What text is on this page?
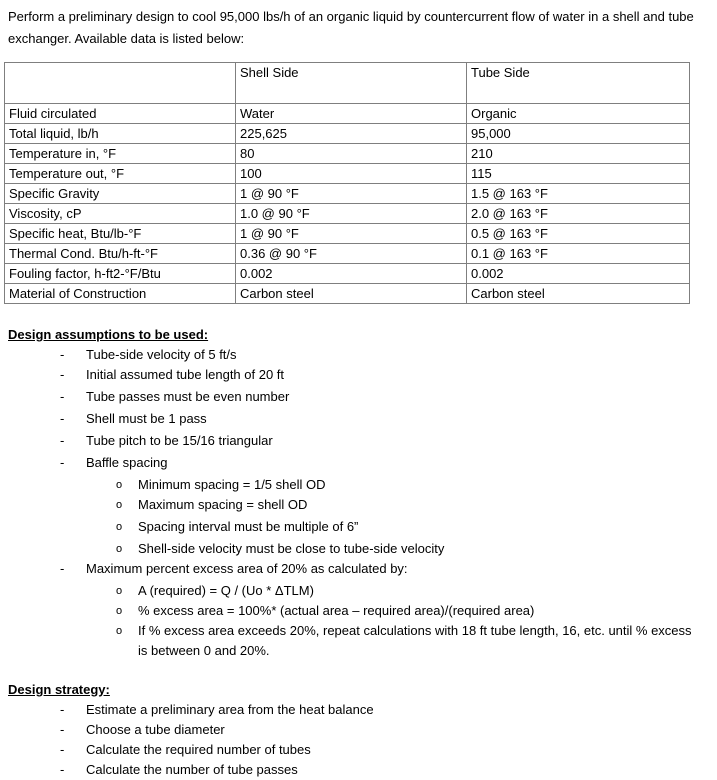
Perform a preliminary design to cool 95,000 lbs/h of an organic liquid by countercurrent flow of water in a shell and tube exchanger. Available data is listed below:
	Shell Side	Tube Side
Fluid circulated	Water	Organic
Total liquid, lb/h	225,625	95,000
Temperature in, °F	80	210
Temperature out, °F	100	115
Specific Gravity	1 @ 90 °F	1.5 @ 163 °F
Viscosity, cP	1.0 @ 90 °F	2.0 @ 163 °F
Specific heat, Btu/lb-°F	1 @ 90 °F	0.5 @ 163 °F
Thermal Cond. Btu/h-ft-°F	0.36 @ 90 °F	0.1 @ 163 °F
Fouling factor, h-ft2-°F/Btu	0.002	0.002
Material of Construction	Carbon steel	Carbon steel
Design assumptions to be used:
- Tube-side velocity of 5 ft/s
- Initial assumed tube length of 20 ft
- Tube passes must be even number
- Shell must be 1 pass
- Tube pitch to be 15/16 triangular
- Baffle spacing
o Minimum spacing = 1/5 shell OD
o Maximum spacing = shell OD
o Spacing interval must be multiple of 6”
o Shell-side velocity must be close to tube-side velocity
- Maximum percent excess area of 20% as calculated by:
o A (required) = Q / (Uo * ΔTLM)
o % excess area = 100%* (actual area – required area)/(required area)
o If % excess area exceeds 20%, repeat calculations with 18 ft tube length, 16, etc. until % excess is between 0 and 20%.
Design strategy:
- Estimate a preliminary area from the heat balance
- Choose a tube diameter
- Calculate the required number of tubes
- Calculate the number of tube passes
